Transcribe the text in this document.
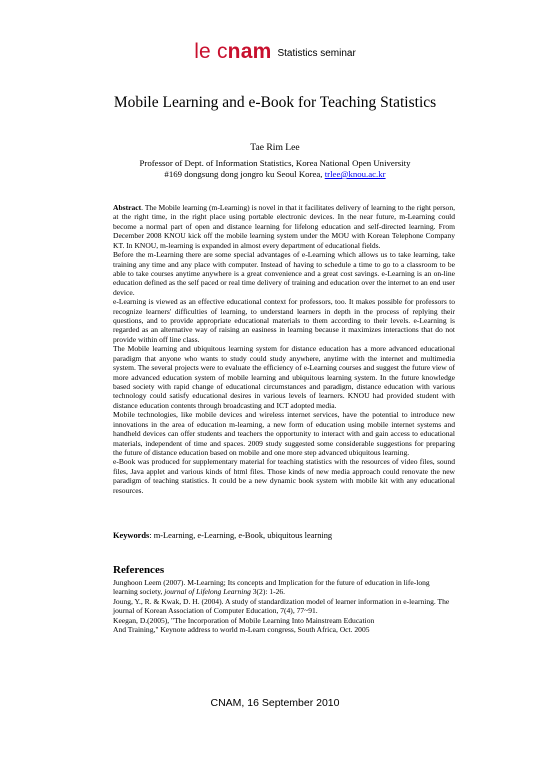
le cnam Statistics seminar
Mobile Learning and e-Book for Teaching Statistics
Tae Rim Lee
Professor of Dept. of Information Statistics, Korea National Open University
#169 dongsung dong jongro ku Seoul Korea, trlee@knou.ac.kr

Abstract. The Mobile learning (m-Learning) is novel in that it facilitates delivery of learning to the right person, at the right time, in the right place using portable electronic devices. In the near future, m-Learning could become a normal part of open and distance learning for lifelong education and self-directed learning. From December 2008 KNOU kick off the mobile learning system under the MOU with Korean Telephone Company KT. In KNOU, m-learning is expanded in almost every department of educational fields.

Before the m-Learning there are some special advantages of e-Learning which allows us to take learning, take training any time and any place with computer. Instead of having to schedule a time to go to a classroom to be able to take courses anytime anywhere is a great convenience and a great cost savings. e-Learning is an on-line education defined as the self paced or real time delivery of training and education over the internet to an end user device.

e-Learning is viewed as an effective educational context for professors, too. It makes possible for professors to recognize learners' difficulties of learning, to understand learners in depth in the process of replying their questions, and to provide appropriate educational materials to them according to their levels. e-Learning is regarded as an alternative way of raising an easiness in learning because it maximizes interactions that do not provide within off line class.

The Mobile learning and ubiquitous learning system for distance education has a more advanced educational paradigm that anyone who wants to study could study anywhere, anytime with the internet and multimedia system. The several projects were to evaluate the efficiency of e-Learning courses and suggest the future view of more advanced education system of mobile learning and ubiquitous learning system. In the future knowledge based society with rapid change of educational circumstances and paradigm, distance education with various technology could satisfy educational desires in various levels of learners. KNOU had provided student with distance education contents through broadcasting and ICT adopted media.

Mobile technologies, like mobile devices and wireless internet services, have the potential to introduce new innovations in the area of education m-learning, a new form of education using mobile internet systems and handheld devices can offer students and teachers the opportunity to interact with and gain access to educational materials, independent of time and spaces. 2009 study suggested some considerable suggestions for preparing the future of distance education based on mobile and one more step advanced ubiquitous learning.

e-Book was produced for supplementary material for teaching statistics with the resources of video files, sound files, Java applet and various kinds of html files. Those kinds of new media approach could renovate the new paradigm of teaching statistics. It could be a new dynamic book system with mobile kit with any educational resources.

Keywords: m-Learning, e-Learning, e-Book, ubiquitous learning
References
Junghoon Leem (2007). M-Learning; Its concepts and Implication for the future of education in life-long learning society, journal of Lifelong Learning 3(2): 1-26.
Joung, Y., R. & Kwak, D. H. (2004). A study of standardization model of learner information in e-learning. The journal of Korean Association of Computer Education, 7(4), 77~91.
Keegan, D.(2005), "The Incorporation of Mobile Learning Into Mainstream Education
And Training," Keynote address to world m-Learn congress, South Africa, Oct. 2005
CNAM, 16 September 2010
